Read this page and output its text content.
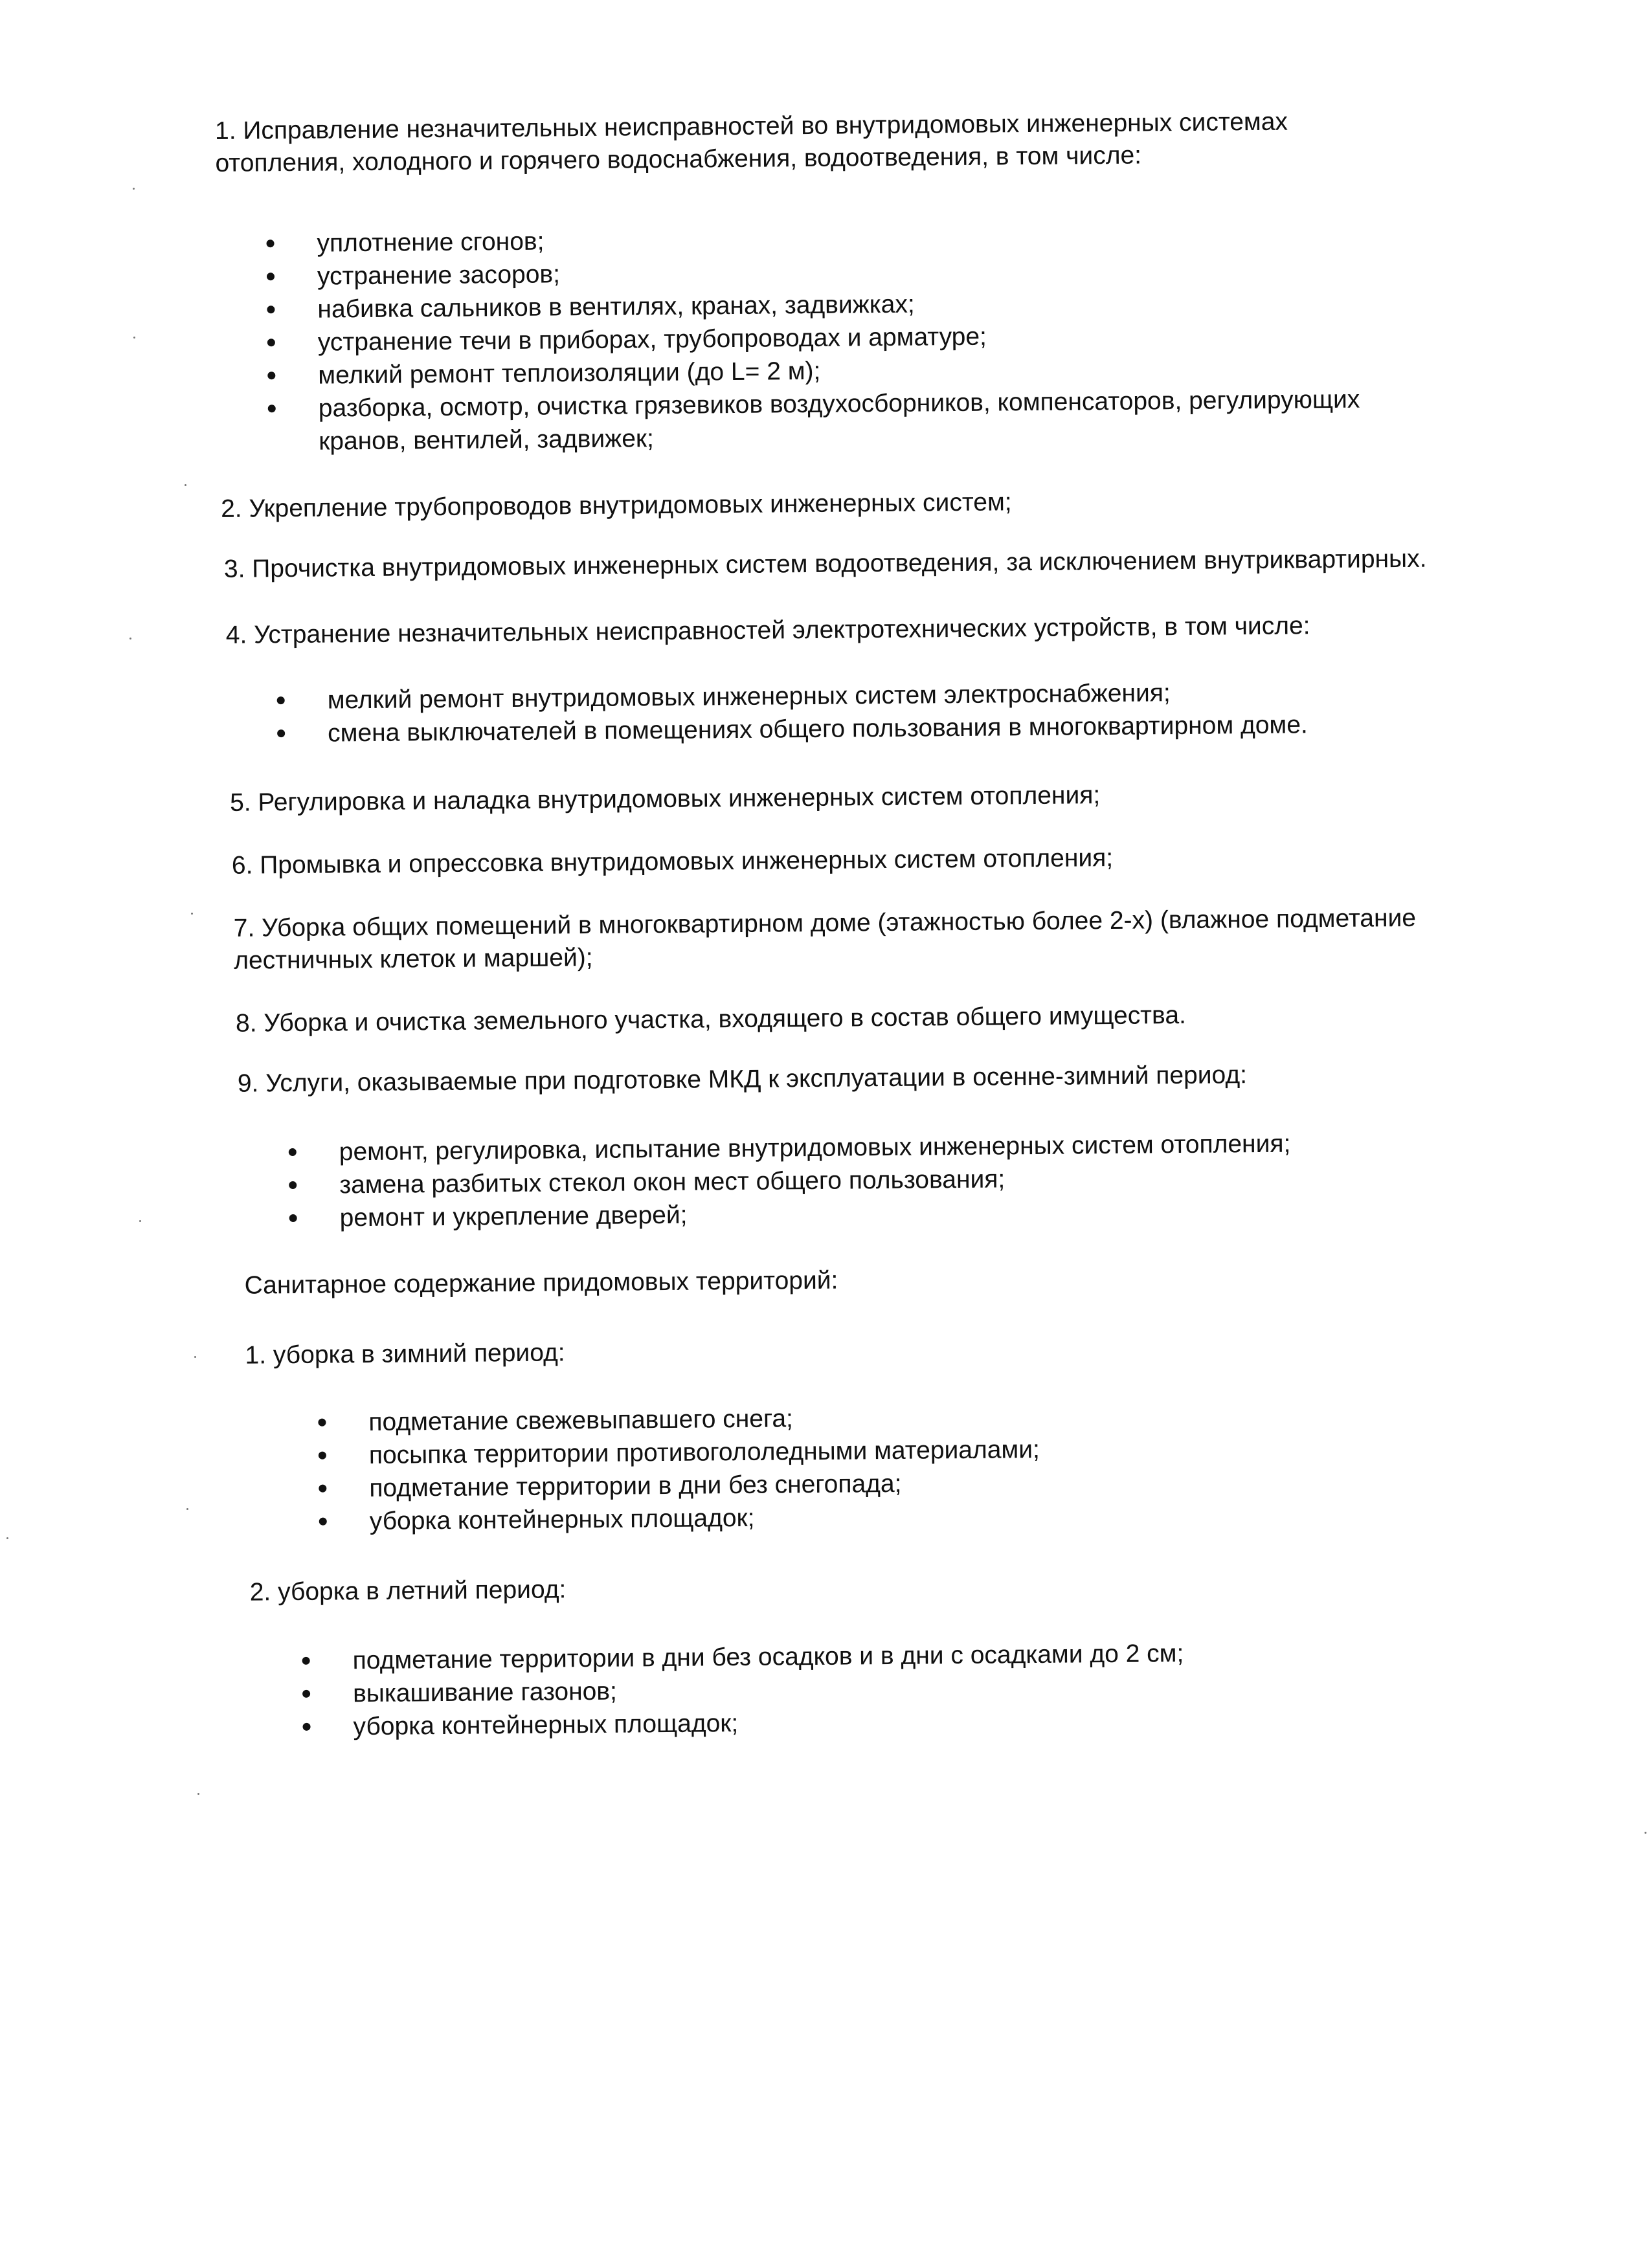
1. Исправление незначительных неисправностей во внутридомовых инженерных системах
отопления, холодного и горячего водоснабжения, водоотведения, в том числе:
уплотнение сгонов;
устранение засоров;
набивка сальников в вентилях, кранах, задвижках;
устранение течи в приборах, трубопроводах и арматуре;
мелкий ремонт теплоизоляции (до L= 2 м);
разборка, осмотр, очистка грязевиков воздухосборников, компенсаторов, регулирующих
кранов, вентилей, задвижек;
2. Укрепление трубопроводов внутридомовых инженерных систем;
3. Прочистка внутридомовых инженерных систем водоотведения, за исключением внутриквартирных.
4. Устранение незначительных неисправностей электротехнических устройств, в том числе:
мелкий ремонт внутридомовых инженерных систем электроснабжения;
смена выключателей в помещениях общего пользования в многоквартирном доме.
5. Регулировка и наладка внутридомовых инженерных систем отопления;
6. Промывка и опрессовка внутридомовых инженерных систем отопления;
7. Уборка общих помещений в многоквартирном доме (этажностью более 2-х) (влажное подметание
лестничных клеток и маршей);
8. Уборка и очистка земельного участка, входящего в состав общего имущества.
9. Услуги, оказываемые при подготовке МКД к эксплуатации в осенне-зимний период:
ремонт, регулировка, испытание внутридомовых инженерных систем отопления;
замена разбитых стекол окон мест общего пользования;
ремонт и укрепление дверей;
Санитарное содержание придомовых территорий:
1. уборка в зимний период:
подметание свежевыпавшего снега;
посыпка территории противогололедными материалами;
подметание территории в дни без снегопада;
уборка контейнерных площадок;
2. уборка в летний период:
подметание территории в дни без осадков и в дни с осадками до 2 см;
выкашивание газонов;
уборка контейнерных площадок;
